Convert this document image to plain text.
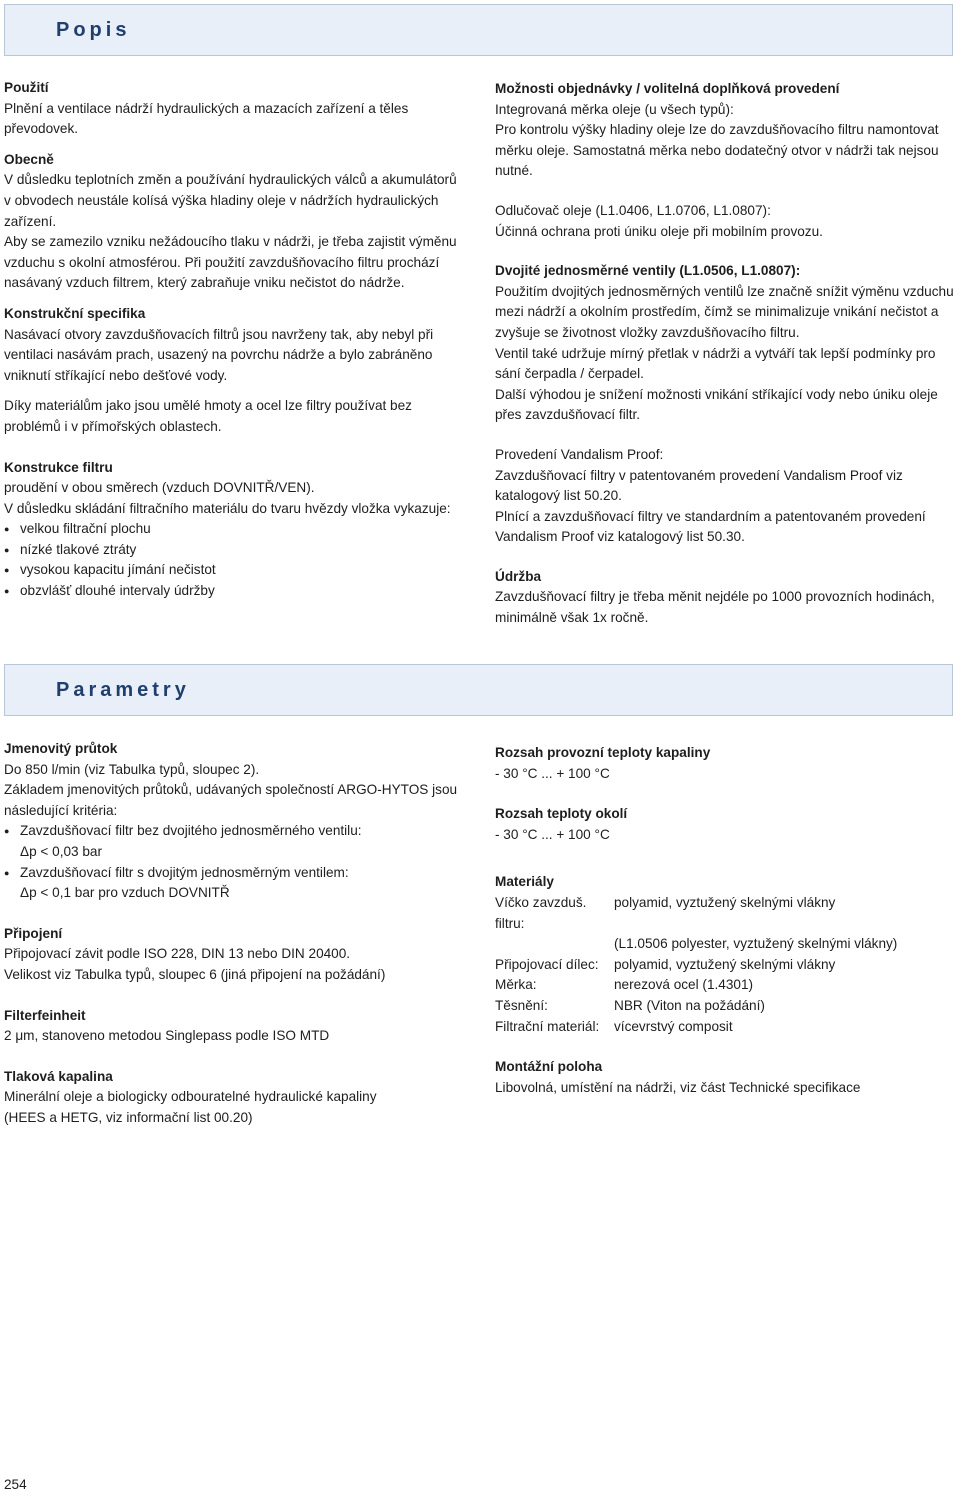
Popis

Použití

Plnění a ventilace nádrží hydraulických a mazacích zařízení a těles

převodovek.

Obecně

V důsledku teplotních změn a používání hydraulických válců a akumulátorů

v obvodech neustále kolísá výška hladiny oleje v nádržích hydraulických

zařízení.

Aby se zamezilo vzniku nežádoucího tlaku v nádrži, je třeba zajistit výměnu

vzduchu s okolní atmosférou. Při použití zavzdušňovacího filtru prochází

nasávaný vzduch filtrem, který zabraňuje vniku nečistot do nádrže.

Konstrukční specifika

Nasávací otvory zavzdušňovacích filtrů jsou navrženy tak, aby nebyl při

ventilaci nasávám prach, usazený na povrchu nádrže a bylo zabráněno

vniknutí stříkající nebo dešťové vody.

Díky materiálům jako jsou umělé hmoty a ocel lze filtry používat bez

problémů i v přímořských oblastech.

Konstrukce filtru

proudění v obou směrech (vzduch DOVNITŘ/VEN).

V důsledku skládání filtračního materiálu do tvaru hvězdy vložka vykazuje:

● velkou filtrační plochu

● nízké tlakové ztráty

● vysokou kapacitu jímání nečistot

● obzvlášť dlouhé intervaly údržby

Možnosti objednávky / volitelná doplňková provedení

Integrovaná měrka oleje (u všech typů):

Pro kontrolu výšky hladiny oleje lze do zavzdušňovacího filtru namontovat

měrku oleje. Samostatná měrka nebo dodatečný otvor v nádrži tak nejsou

nutné.

Odlučovač oleje (L1.0406, L1.0706, L1.0807):

Účinná ochrana proti úniku oleje při mobilním provozu.

Dvojité jednosměrné ventily (L1.0506, L1.0807):

Použitím dvojitých jednosměrných ventilů lze značně snížit výměnu vzduchu

mezi nádrží a okolním prostředím, čímž se minimalizuje vnikání nečistot a

zvyšuje se životnost vložky zavzdušňovacího filtru.

Ventil také udržuje mírný přetlak v nádrži a vytváří tak lepší podmínky pro

sání čerpadla / čerpadel.

Další výhodou je snížení možnosti vnikání stříkající vody nebo úniku oleje

přes zavzdušňovací filtr.

Provedení Vandalism Proof:

Zavzdušňovací filtry v patentovaném provedení Vandalism Proof viz

katalogový list 50.20.

Plnící a zavzdušňovací filtry ve standardním a patentovaném provedení

Vandalism Proof viz katalogový list 50.30.

Údržba

Zavzdušňovací filtry je třeba měnit nejdéle po 1000 provozních hodinách,

minimálně však 1x ročně.

Parametry

Jmenovitý průtok

Do 850 l/min (viz Tabulka typů, sloupec 2).

Základem jmenovitých průtoků, udávaných společností ARGO-HYTOS jsou

následující kritéria:

● Zavzdušňovací filtr bez dvojitého jednosměrného ventilu:

Δp < 0,03 bar

● Zavzdušňovací filtr s dvojitým jednosměrným ventilem:

Δp < 0,1 bar pro vzduch DOVNITŘ

Připojení

Připojovací závit podle ISO 228, DIN 13 nebo DIN 20400.

Velikost viz Tabulka typů, sloupec 6 (jiná připojení na požádání)

Filterfeinheit

2 μm, stanoveno metodou Singlepass podle ISO MTD

Tlaková kapalina

Minerální oleje a biologicky odbouratelné hydraulické kapaliny

(HEES a HETG, viz informační list 00.20)

Rozsah provozní teploty kapaliny

- 30 °C ... + 100 °C

Rozsah teploty okolí

- 30 °C ... + 100 °C

Materiály

Víčko zavzduš. filtru:
polyamid, vyztužený skelnými vlákny
(L1.0506 polyester, vyztužený skelnými vlákny)
Připojovací dílec:	polyamid, vyztužený skelnými vlákny
Měrka:	nerezová ocel (1.4301)
Těsnění:	NBR (Viton na požádání)
Filtrační materiál:	vícevrstvý composit

Montážní poloha

Libovolná, umístění na nádrži, viz část Technické specifikace

254
